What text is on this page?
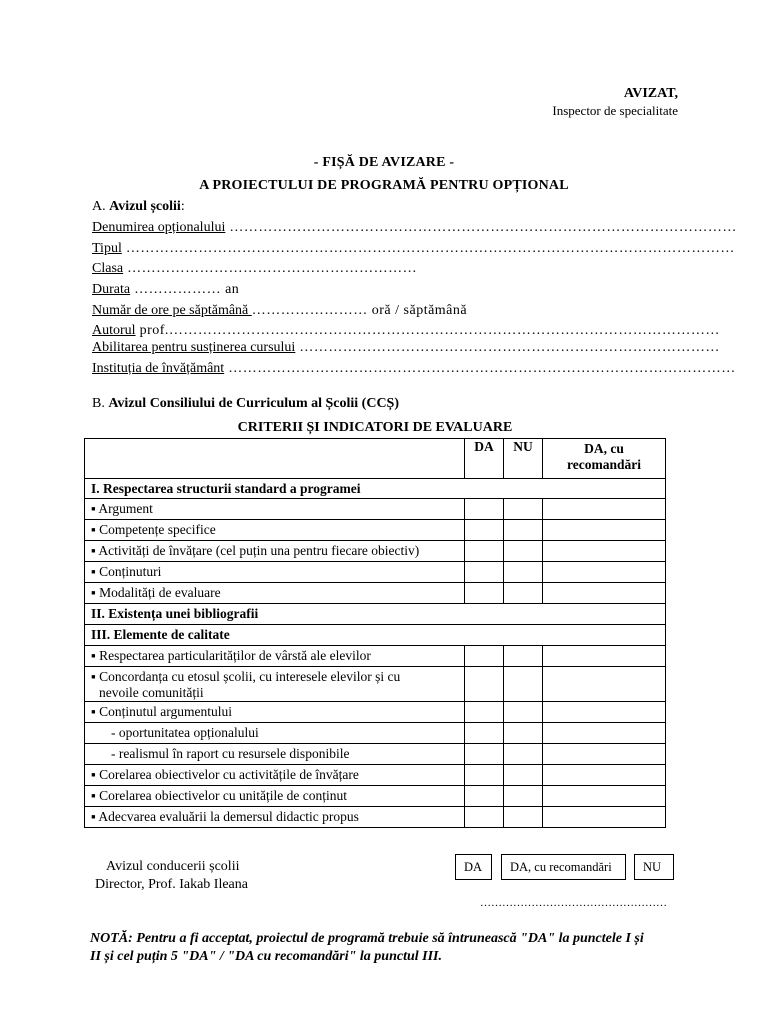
AVIZAT,
Inspector de specialitate
- FIȘĂ DE AVIZARE -
A PROIECTULUI DE PROGRAMĂ PENTRU OPȚIONAL
A. Avizul școlii:
Denumirea opționalului ……………………………………………………………………………………………
Tipul ………………………………………………………………………………………………………………
Clasa ……………………………………………………
Durata ……………… an
Număr de ore pe săptămână …………………… oră / săptămână
Autorul prof.……………………………………………………………………………………………………
Abilitarea pentru susținerea cursului ……………………………………………………………………………
Instituția de învățământ ……………………………………………………………………………………………
B. Avizul Consiliului de Curriculum al Școlii (CCȘ)
CRITERII ȘI INDICATORI DE EVALUARE
	DA	NU	DA, cu recomandări
I. Respectarea structurii standard a programei			
▪ Argument			
▪ Competențe specifice			
▪ Activități de învățare (cel puțin una pentru fiecare obiectiv)			
▪ Conținuturi			
▪ Modalități de evaluare			
II. Existența unei bibliografii			
III. Elemente de calitate			
▪ Respectarea particularităților de vârstă ale elevilor			
▪ Concordanța cu etosul școlii, cu interesele elevilor și cu
nevoile comunității			
▪ Conținutul argumentului			
- oportunitatea opționalului			
- realismul în raport cu resursele disponibile			
▪ Corelarea obiectivelor cu activitățile de învățare			
▪ Corelarea obiectivelor cu unitățile de conținut			
▪ Adecvarea evaluării la demersul didactic propus			
Avizul conducerii școlii
Director, Prof. Iakab Ileana
DA	DA, cu recomandări	NU
……………………………………………
NOTĂ: Pentru a fi acceptat, proiectul de programă trebuie să întrunească "DA" la punctele I și II și cel puțin 5 "DA" / "DA cu recomandări" la punctul III.
